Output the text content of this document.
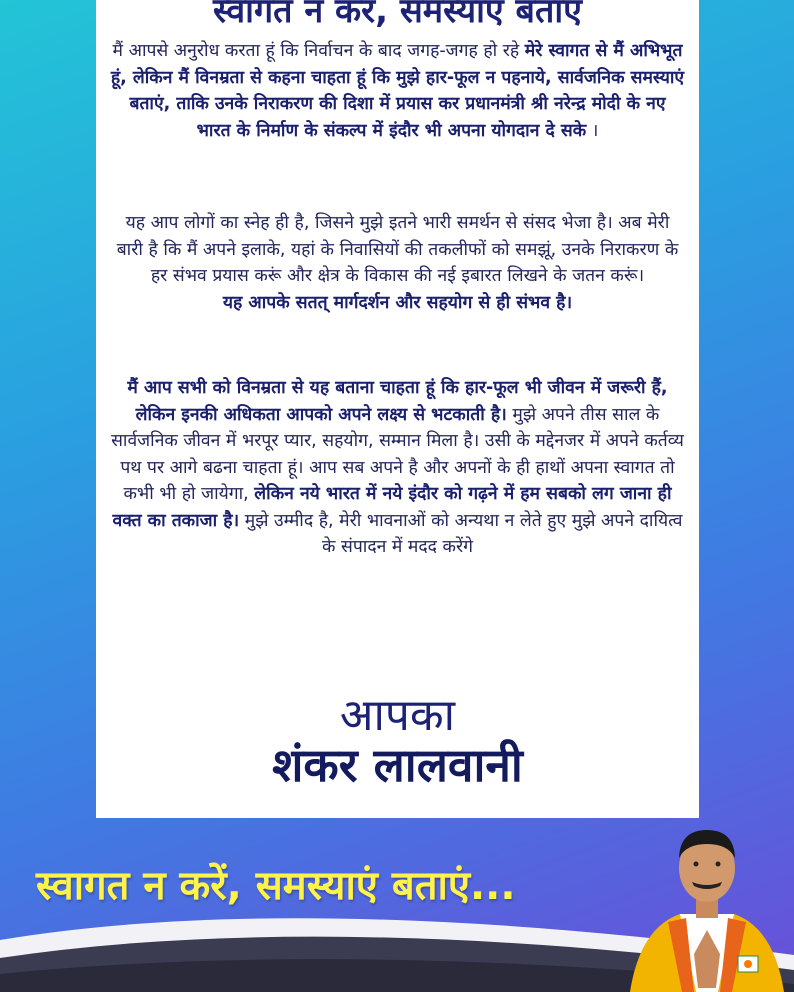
स्वागत न कर, समस्याए बताए
मैं आपसे अनुरोध करता हूं कि निर्वाचन के बाद जगह-जगह हो रहे मेरे स्वागत से मैं अभिभूत हूं, लेकिन मैं विनम्रता से कहना चाहता हूं कि मुझे हार-फूल न पहनाये, सार्वजनिक समस्याएं बताएं, ताकि उनके निराकरण की दिशा में प्रयास कर प्रधानमंत्री श्री नरेन्द्र मोदी के नए भारत के निर्माण के संकल्प में इंदौर भी अपना योगदान दे सके ।
यह आप लोगों का स्नेह ही है, जिसने मुझे इतने भारी समर्थन से संसद भेजा है। अब मेरी बारी है कि मैं अपने इलाके, यहां के निवासियों की तकलीफों को समझूं, उनके निराकरण के हर संभव प्रयास करूं और क्षेत्र के विकास की नई इबारत लिखने के जतन करूं।
यह आपके सतत् मार्गदर्शन और सहयोग से ही संभव है।
मैं आप सभी को विनम्रता से यह बताना चाहता हूं कि हार-फूल भी जीवन में जरूरी हैं, लेकिन इनकी अधिकता आपको अपने लक्ष्य से भटकाती है। मुझे अपने तीस साल के सार्वजनिक जीवन में भरपूर प्यार, सहयोग, सम्मान मिला है। उसी के मद्देनजर में अपने कर्तव्य पथ पर आगे बढना चाहता हूं। आप सब अपने है और अपनों के ही हाथों अपना स्वागत तो कभी भी हो जायेगा, लेकिन नये भारत में नये इंदौर को गढ़ने में हम सबको लग जाना ही वक्त का तकाजा है। मुझे उम्मीद है, मेरी भावनाओं को अन्यथा न लेते हुए मुझे अपने दायित्व के संपादन में मदद करेंगे
आपका
शंकर लालवानी
स्वागत न करें, समस्याएं बताएं...
